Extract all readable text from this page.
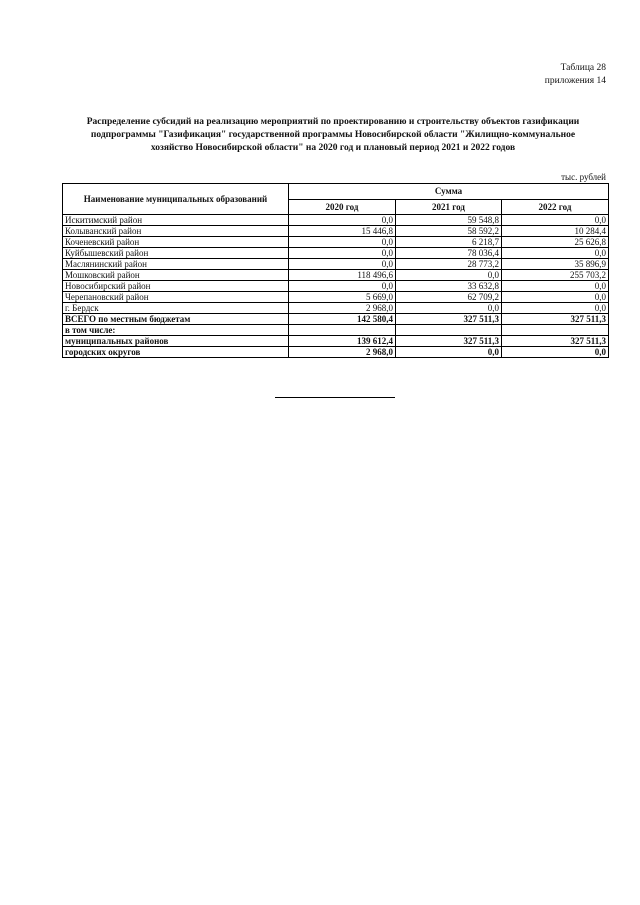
Таблица 28
приложения 14
Распределение субсидий на реализацию мероприятий по проектированию и строительству объектов газификации
подпрограммы "Газификация" государственной программы Новосибирской области "Жилищно-коммунальное
хозяйство Новосибирской области" на 2020 год и плановый период 2021 и 2022 годов
тыс. рублей
Наименование муниципальных образований	Сумма		
	2020 год	2021 год	2022 год
Искитимский район	0,0	59 548,8	0,0
Колыванский район	15 446,8	58 592,2	10 284,4
Коченевский район	0,0	6 218,7	25 626,8
Куйбышевский район	0,0	78 036,4	0,0
Маслянинский район	0,0	28 773,2	35 896,9
Мошковский район	118 496,6	0,0	255 703,2
Новосибирский район	0,0	33 632,8	0,0
Черепановский район	5 669,0	62 709,2	0,0
г. Бердск	2 968,0	0,0	0,0
ВСЕГО по местным бюджетам	142 580,4	327 511,3	327 511,3
в том числе:			
муниципальных районов	139 612,4	327 511,3	327 511,3
городских округов	2 968,0	0,0	0,0
